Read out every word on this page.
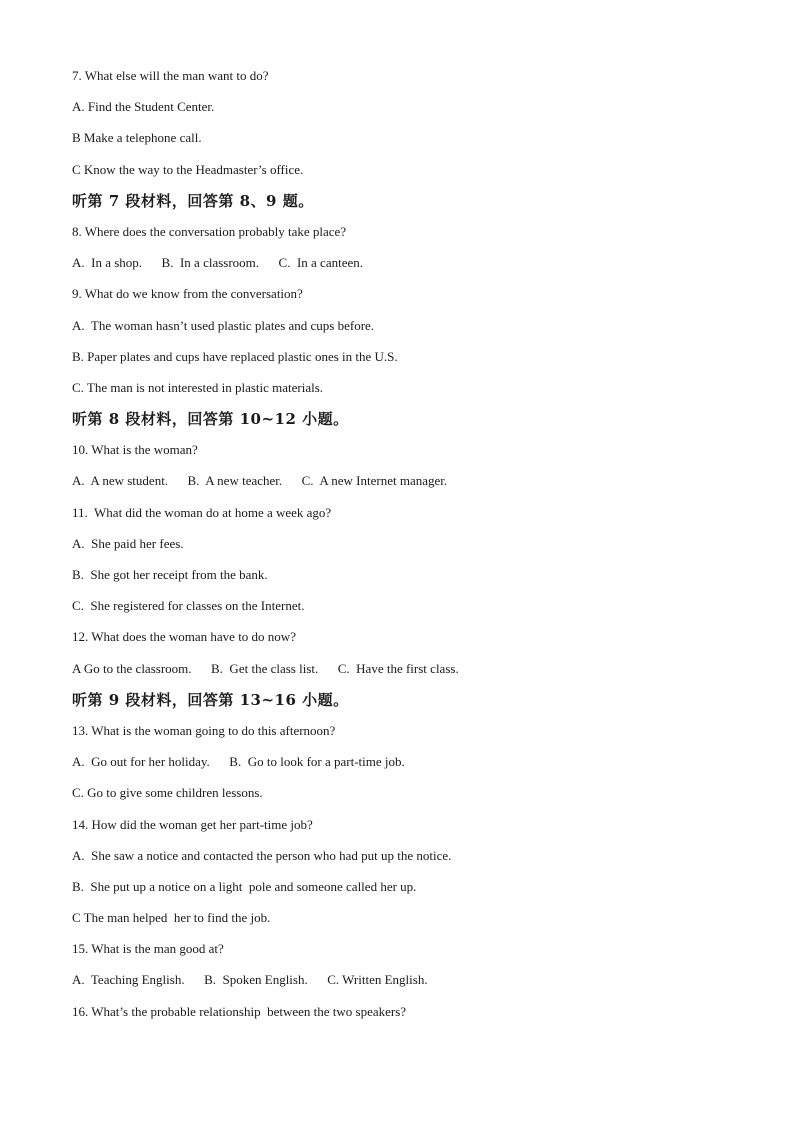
7. What else will the man want to do?
A. Find the Student Center.
B Make a telephone call.
C Know the way to the Headmaster’s office.
听第 7 段材料，回答第 8、9 题。
8. Where does the conversation probably take place?
A.  In a shop.      B.  In a classroom.      C.  In a canteen.
9. What do we know from the conversation?
A.  The woman hasn’t used plastic plates and cups before.
B. Paper plates and cups have replaced plastic ones in the U.S.
C. The man is not interested in plastic materials.
听第 8 段材料，回答第 10~12 小题。
10. What is the woman?
A.  A new student.      B.  A new teacher.      C.  A new Internet manager.
11.  What did the woman do at home a week ago?
A.  She paid her fees.
B.  She got her receipt from the bank.
C.  She registered for classes on the Internet.
12. What does the woman have to do now?
A Go to the classroom.      B.  Get the class list.      C.  Have the first class.
听第 9 段材料，回答第 13~16 小题。
13. What is the woman going to do this afternoon?
A.  Go out for her holiday.      B.  Go to look for a part-time job.
C. Go to give some children lessons.
14. How did the woman get her part-time job?
A.  She saw a notice and contacted the person who had put up the notice.
B.  She put up a notice on a light  pole and someone called her up.
C The man helped  her to find the job.
15. What is the man good at?
A.  Teaching English.      B.  Spoken English.      C. Written English.
16. What’s the probable relationship  between the two speakers?
